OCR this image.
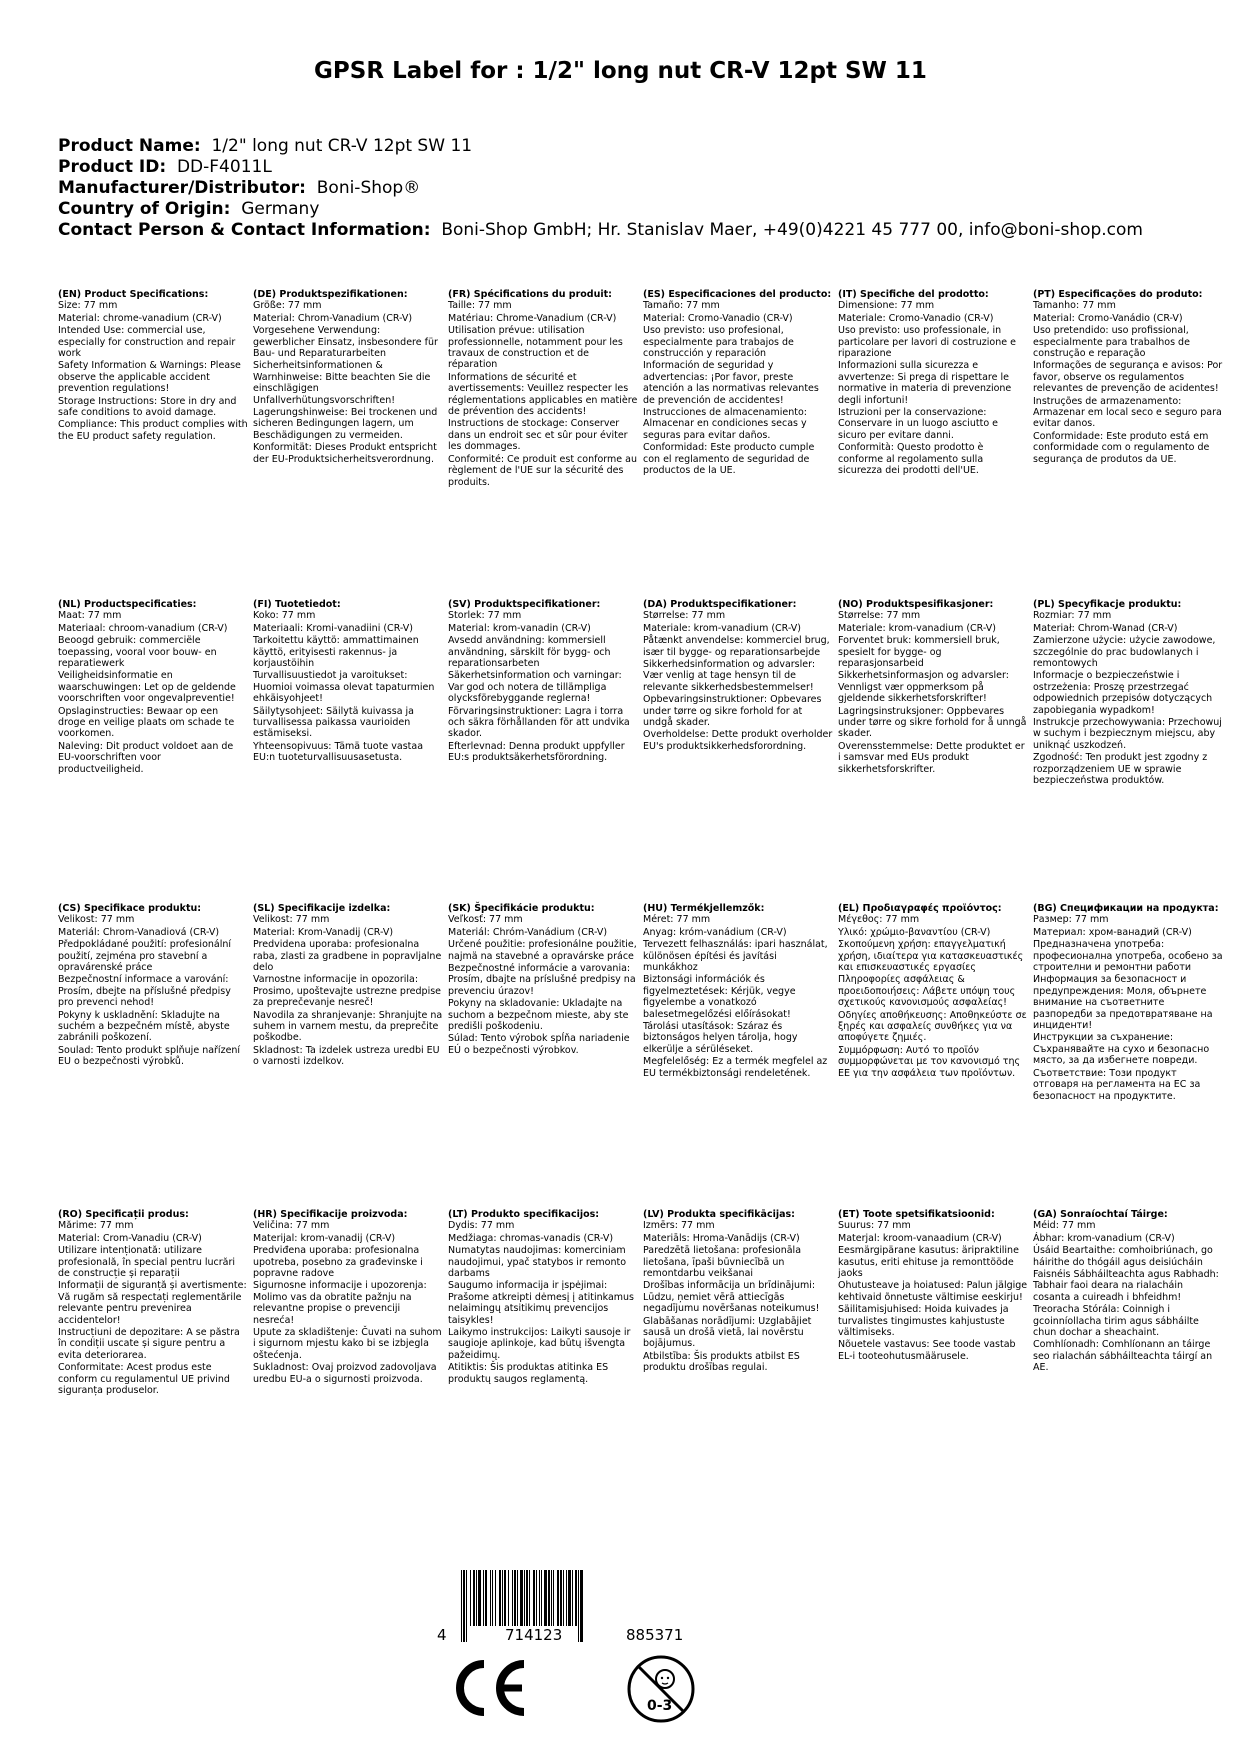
GPSR Label for : 1/2" long nut CR-V 12pt SW 11
Product Name: 1/2" long nut CR-V 12pt SW 11
Product ID: DD-F4011L
Manufacturer/Distributor: Boni-Shop®
Country of Origin: Germany
Contact Person & Contact Information: Boni-Shop GmbH; Hr. Stanislav Maer, +49(0)4221 45 777 00, info@boni-shop.com
(EN) Product Specifications:
Size: 77 mm
Material: chrome-vanadium (CR-V)
Intended Use: commercial use, especially for construction and repair work
Safety Information & Warnings: Please observe the applicable accident prevention regulations!
Storage Instructions: Store in dry and safe conditions to avoid damage.
Compliance: This product complies with the EU product safety regulation.
(DE) Produktspezifikationen:
Größe: 77 mm
Material: Chrom-Vanadium (CR-V)
Vorgesehene Verwendung: gewerblicher Einsatz, insbesondere für Bau- und Reparaturarbeiten
Sicherheitsinformationen & Warnhinweise: Bitte beachten Sie die einschlägigen Unfallverhütungsvorschriften!
Lagerungshinweise: Bei trockenen und sicheren Bedingungen lagern, um Beschädigungen zu vermeiden.
Konformität: Dieses Produkt entspricht der EU-Produktsicherheitsverordnung.
(FR) Spécifications du produit:
Taille: 77 mm
Matériau: Chrome-Vanadium (CR-V)
Utilisation prévue: utilisation professionnelle, notamment pour les travaux de construction et de réparation
Informations de sécurité et avertissements: Veuillez respecter les réglementations applicables en matière de prévention des accidents!
Instructions de stockage: Conserver dans un endroit sec et sûr pour éviter les dommages.
Conformité: Ce produit est conforme au règlement de l'UE sur la sécurité des produits.
(ES) Especificaciones del producto:
Tamaño: 77 mm
Material: Cromo-Vanadio (CR-V)
Uso previsto: uso profesional, especialmente para trabajos de construcción y reparación
Información de seguridad y advertencias: ¡Por favor, preste atención a las normativas relevantes de prevención de accidentes!
Instrucciones de almacenamiento: Almacenar en condiciones secas y seguras para evitar daños.
Conformidad: Este producto cumple con el reglamento de seguridad de productos de la UE.
(IT) Specifiche del prodotto:
Dimensione: 77 mm
Materiale: Cromo-Vanadio (CR-V)
Uso previsto: uso professionale, in particolare per lavori di costruzione e riparazione
Informazioni sulla sicurezza e avvertenze: Si prega di rispettare le normative in materia di prevenzione degli infortuni!
Istruzioni per la conservazione: Conservare in un luogo asciutto e sicuro per evitare danni.
Conformità: Questo prodotto è conforme al regolamento sulla sicurezza dei prodotti dell'UE.
(PT) Especificações do produto:
Tamanho: 77 mm
Material: Cromo-Vanádio (CR-V)
Uso pretendido: uso profissional, especialmente para trabalhos de construção e reparação
Informações de segurança e avisos: Por favor, observe os regulamentos relevantes de prevenção de acidentes!
Instruções de armazenamento: Armazenar em local seco e seguro para evitar danos.
Conformidade: Este produto está em conformidade com o regulamento de segurança de produtos da UE.
(NL) Productspecificaties:
Maat: 77 mm
Materiaal: chroom-vanadium (CR-V)
Beoogd gebruik: commerciële toepassing, vooral voor bouw- en reparatiewerk
Veiligheidsinformatie en waarschuwingen: Let op de geldende voorschriften voor ongevalpreventie!
Opslaginstructies: Bewaar op een droge en veilige plaats om schade te voorkomen.
Naleving: Dit product voldoet aan de EU-voorschriften voor productveiligheid.
(FI) Tuotetiedot:
Koko: 77 mm
Materiaali: Kromi-vanadiini (CR-V)
Tarkoitettu käyttö: ammattimainen käyttö, erityisesti rakennus- ja korjaustöihin
Turvallisuustiedot ja varoitukset: Huomioi voimassa olevat tapaturmien ehkäisyohjeet!
Säilytysohjeet: Säilytä kuivassa ja turvallisessa paikassa vaurioiden estämiseksi.
Yhteensopivuus: Tämä tuote vastaa EU:n tuoteturvallisuusasetusta.
(SV) Produktspecifikationer:
Storlek: 77 mm
Material: krom-vanadin (CR-V)
Avsedd användning: kommersiell användning, särskilt för bygg- och reparationsarbeten
Säkerhetsinformation och varningar: Var god och notera de tillämpliga olycksförebyggande reglerna!
Förvaringsinstruktioner: Lagra i torra och säkra förhållanden för att undvika skador.
Efterlevnad: Denna produkt uppfyller EU:s produktsäkerhetsförordning.
(DA) Produktspecifikationer:
Størrelse: 77 mm
Materiale: krom-vanadium (CR-V)
Påtænkt anvendelse: kommerciel brug, især til bygge- og reparationsarbejde
Sikkerhedsinformation og advarsler: Vær venlig at tage hensyn til de relevante sikkerhedsbestemmelser!
Opbevaringsinstruktioner: Opbevares under tørre og sikre forhold for at undgå skader.
Overholdelse: Dette produkt overholder EU's produktsikkerhedsforordning.
(NO) Produktspesifikasjoner:
Størrelse: 77 mm
Materiale: krom-vanadium (CR-V)
Forventet bruk: kommersiell bruk, spesielt for bygge- og reparasjonsarbeid
Sikkerhetsinformasjon og advarsler: Vennligst vær oppmerksom på gjeldende sikkerhetsforskrifter!
Lagringsinstruksjoner: Oppbevares under tørre og sikre forhold for å unngå skader.
Overensstemmelse: Dette produktet er i samsvar med EUs produkt sikkerhetsforskrifter.
(PL) Specyfikacje produktu:
Rozmiar: 77 mm
Materiał: Chrom-Wanad (CR-V)
Zamierzone użycie: użycie zawodowe, szczególnie do prac budowlanych i remontowych
Informacje o bezpieczeństwie i ostrzeżenia: Proszę przestrzegać odpowiednich przepisów dotyczących zapobiegania wypadkom!
Instrukcje przechowywania: Przechowuj w suchym i bezpiecznym miejscu, aby uniknąć uszkodzeń.
Zgodność: Ten produkt jest zgodny z rozporządzeniem UE w sprawie bezpieczeństwa produktów.
(CS) Specifikace produktu:
Velikost: 77 mm
Materiál: Chrom-Vanadiová (CR-V)
Předpokládané použití: profesionální použití, zejména pro stavební a opravárenské práce
Bezpečnostní informace a varování: Prosím, dbejte na příslušné předpisy pro prevenci nehod!
Pokyny k uskladnění: Skladujte na suchém a bezpečném místě, abyste zabránili poškození.
Soulad: Tento produkt splňuje nařízení EU o bezpečnosti výrobků.
(SL) Specifikacije izdelka:
Velikost: 77 mm
Material: Krom-Vanadij (CR-V)
Predvidena uporaba: profesionalna raba, zlasti za gradbene in popravljalne delo
Varnostne informacije in opozorila: Prosimo, upoštevajte ustrezne predpise za preprečevanje nesreč!
Navodila za shranjevanje: Shranjujte na suhem in varnem mestu, da preprečite poškodbe.
Skladnost: Ta izdelek ustreza uredbi EU o varnosti izdelkov.
(SK) Špecifikácie produktu:
Veľkosť: 77 mm
Materiál: Chróm-Vanádium (CR-V)
Určené použitie: profesionálne použitie, najmä na stavebné a opravárske práce
Bezpečnostné informácie a varovania: Prosím, dbajte na príslušné predpisy na prevenciu úrazov!
Pokyny na skladovanie: Ukladajte na suchom a bezpečnom mieste, aby ste predišli poškodeniu.
Súlad: Tento výrobok spĺňa nariadenie EÚ o bezpečnosti výrobkov.
(HU) Termékjellemzők:
Méret: 77 mm
Anyag: króm-vanádium (CR-V)
Tervezett felhasználás: ipari használat, különösen építési és javítási munkákhoz
Biztonsági információk és figyelmeztetések: Kérjük, vegye figyelembe a vonatkozó balesetmegelőzési előírásokat!
Tárolási utasítások: Száraz és biztonságos helyen tárolja, hogy elkerülje a sérüléseket.
Megfelelőség: Ez a termék megfelel az EU termékbiztonsági rendeletének.
(EL) Προδιαγραφές προϊόντος:
Μέγεθος: 77 mm
Υλικό: χρώμιο-βαναντίου (CR-V)
Σκοπούμενη χρήση: επαγγελματική χρήση, ιδιαίτερα για κατασκευαστικές και επισκευαστικές εργασίες
Πληροφορίες ασφάλειας & προειδοποιήσεις: Λάβετε υπόψη τους σχετικούς κανονισμούς ασφαλείας!
Οδηγίες αποθήκευσης: Αποθηκεύστε σε ξηρές και ασφαλείς συνθήκες για να αποφύγετε ζημιές.
Συμμόρφωση: Αυτό το προϊόν συμμορφώνεται με τον κανονισμό της ΕΕ για την ασφάλεια των προϊόντων.
(BG) Спецификации на продукта:
Размер: 77 mm
Материал: хром-ванадий (CR-V)
Предназначена употреба: професионална употреба, особено за строителни и ремонтни работи
Информация за безопасност и предупреждения: Моля, обърнете внимание на съответните разпоредби за предотвратяване на инциденти!
Инструкции за съхранение: Съхранявайте на сухо и безопасно място, за да избегнете повреди.
Съответствие: Този продукт отговаря на регламента на ЕС за безопасност на продуктите.
(RO) Specificații produs:
Mărime: 77 mm
Material: Crom-Vanadiu (CR-V)
Utilizare intenționată: utilizare profesională, în special pentru lucrări de construcție și reparații
Informații de siguranță și avertismente: Vă rugăm să respectați reglementările relevante pentru prevenirea accidentelor!
Instrucțiuni de depozitare: A se păstra în condiții uscate și sigure pentru a evita deteriorarea.
Conformitate: Acest produs este conform cu regulamentul UE privind siguranța produselor.
(HR) Specifikacije proizvoda:
Veličina: 77 mm
Materijal: krom-vanadij (CR-V)
Predviđena uporaba: profesionalna upotreba, posebno za građevinske i popravne radove
Sigurnosne informacije i upozorenja: Molimo vas da obratite pažnju na relevantne propise o prevenciji nesreća!
Upute za skladištenje: Čuvati na suhom i sigurnom mjestu kako bi se izbjegla oštećenja.
Sukladnost: Ovaj proizvod zadovoljava uredbu EU-a o sigurnosti proizvoda.
(LT) Produkto specifikacijos:
Dydis: 77 mm
Medžiaga: chromas-vanadis (CR-V)
Numatytas naudojimas: komerciniam naudojimui, ypač statybos ir remonto darbams
Saugumo informacija ir įspėjimai: Prašome atkreipti dėmesį į atitinkamus nelaimingų atsitikimų prevencijos taisykles!
Laikymo instrukcijos: Laikyti sausoje ir saugioje aplinkoje, kad būtų išvengta pažeidimų.
Atitiktis: Šis produktas atitinka ES produktų saugos reglamentą.
(LV) Produkta specifikācijas:
Izmērs: 77 mm
Materiāls: Hroma-Vanādijs (CR-V)
Paredzētā lietošana: profesionāla lietošana, īpaši būvniecībā un remontdarbu veikšanai
Drošības informācija un brīdinājumi: Lūdzu, ņemiet vērā attiecīgās negadījumu novēršanas noteikumus!
Glabāšanas norādījumi: Uzglabājiet sausā un drošā vietā, lai novērstu bojājumus.
Atbilstība: Šis produkts atbilst ES produktu drošības regulai.
(ET) Toote spetsifikatsioonid:
Suurus: 77 mm
Materjal: kroom-vanaadium (CR-V)
Eesmärgipärane kasutus: äripraktiline kasutus, eriti ehituse ja remonttööde jaoks
Ohutusteave ja hoiatused: Palun jälgige kehtivaid õnnetuste vältimise eeskirju!
Säilitamisjuhised: Hoida kuivades ja turvalistes tingimustes kahjustuste vältimiseks.
Nõuetele vastavus: See toode vastab EL-i tooteohutusmäärusele.
(GA) Sonraíochtaí Táirge:
Méid: 77 mm
Ábhar: krom-vanadium (CR-V)
Úsáid Beartaithe: comhoibriúnach, go háirithe do thógáil agus deisiúcháin
Faisnéis Sábháilteachta agus Rabhadh: Tabhair faoi deara na rialacháin cosanta a cuireadh i bhfeidhm!
Treoracha Stórála: Coinnigh i gcoinníollacha tirim agus sábháilte chun dochar a sheachaint.
Comhlíonadh: Comhlíonann an táirge seo rialachán sábháilteachta táirgí an AE.
4	714123	885371
0-3
